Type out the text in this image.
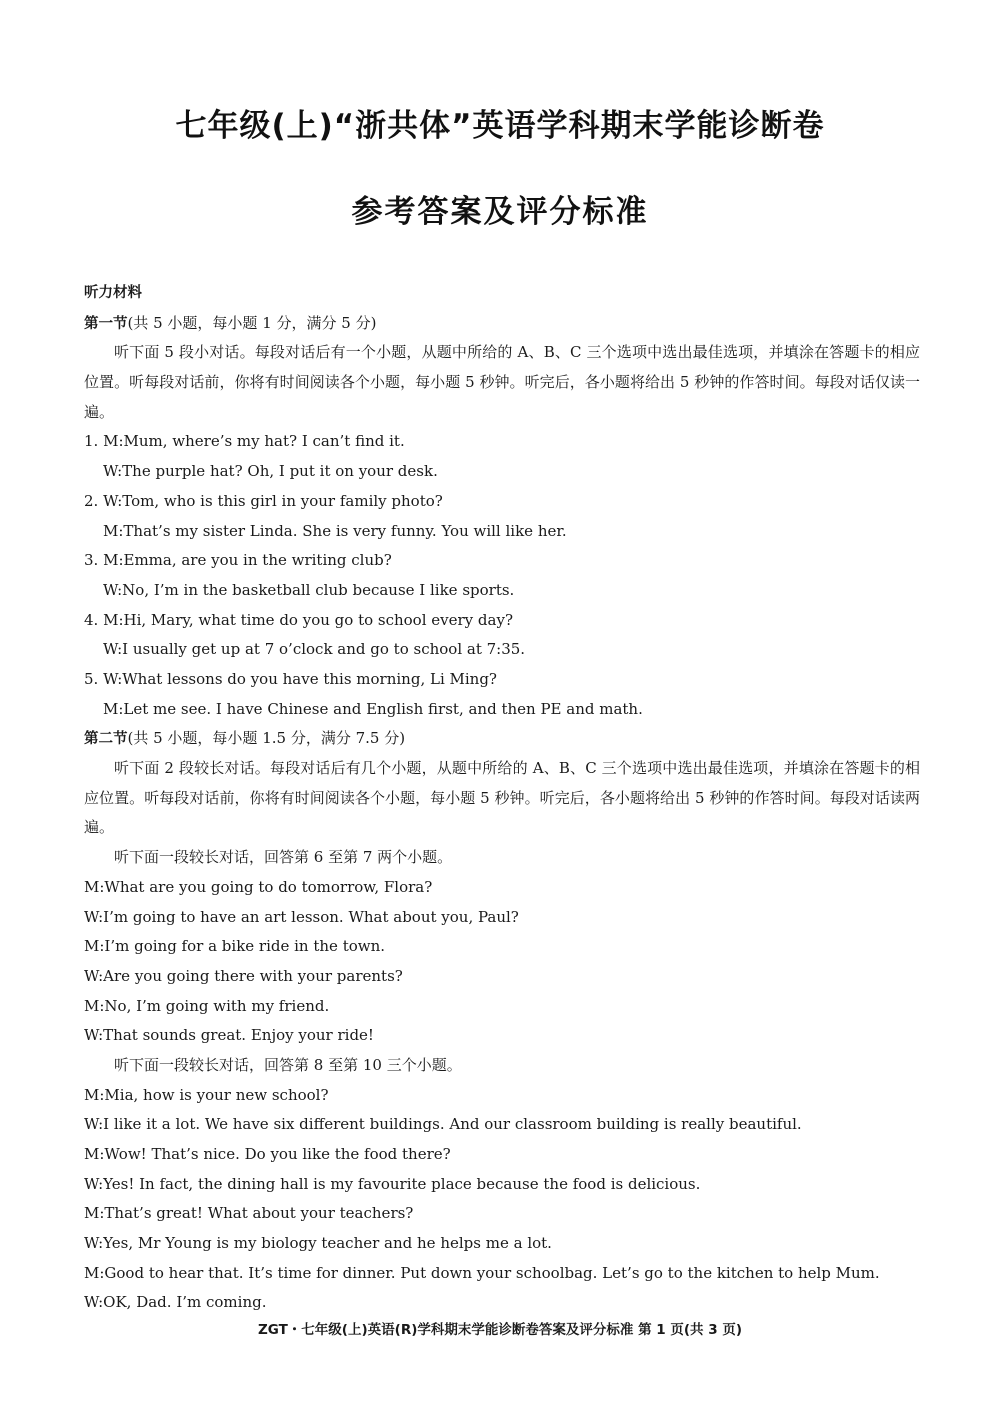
七年级(上)“浙共体”英语学科期末学能诊断卷
参考答案及评分标准
听力材料
第一节(共 5 小题，每小题 1 分，满分 5 分)

听下面 5 段小对话。每段对话后有一个小题，从题中所给的 A、B、C 三个选项中选出最佳选项，并填涂在答题卡的相应位置。听每段对话前，你将有时间阅读各个小题，每小题 5 秒钟。听完后，各小题将给出 5 秒钟的作答时间。每段对话仅读一遍。

1. M:Mum, where’s my hat? I can’t find it.
W:The purple hat? Oh, I put it on your desk.
2. W:Tom, who is this girl in your family photo?
M:That’s my sister Linda. She is very funny. You will like her.
3. M:Emma, are you in the writing club?
W:No, I’m in the basketball club because I like sports.
4. M:Hi, Mary, what time do you go to school every day?
W:I usually get up at 7 o’clock and go to school at 7:35.
5. W:What lessons do you have this morning, Li Ming?
M:Let me see. I have Chinese and English first, and then PE and math.
第二节(共 5 小题，每小题 1.5 分，满分 7.5 分)

听下面 2 段较长对话。每段对话后有几个小题，从题中所给的 A、B、C 三个选项中选出最佳选项，并填涂在答题卡的相应位置。听每段对话前，你将有时间阅读各个小题，每小题 5 秒钟。听完后，各小题将给出 5 秒钟的作答时间。每段对话读两遍。

听下面一段较长对话，回答第 6 至第 7 两个小题。
M:What are you going to do tomorrow, Flora?
W:I’m going to have an art lesson. What about you, Paul?
M:I’m going for a bike ride in the town.
W:Are you going there with your parents?
M:No, I’m going with my friend.
W:That sounds great. Enjoy your ride!
听下面一段较长对话，回答第 8 至第 10 三个小题。
M:Mia, how is your new school?
W:I like it a lot. We have six different buildings. And our classroom building is really beautiful.
M:Wow! That’s nice. Do you like the food there?
W:Yes! In fact, the dining hall is my favourite place because the food is delicious.
M:That’s great! What about your teachers?
W:Yes, Mr Young is my biology teacher and he helps me a lot.
M:Good to hear that. It’s time for dinner. Put down your schoolbag. Let’s go to the kitchen to help Mum.
W:OK, Dad. I’m coming.
ZGT・七年级(上)英语(R)学科期末学能诊断卷答案及评分标准 第 1 页(共 3 页)
